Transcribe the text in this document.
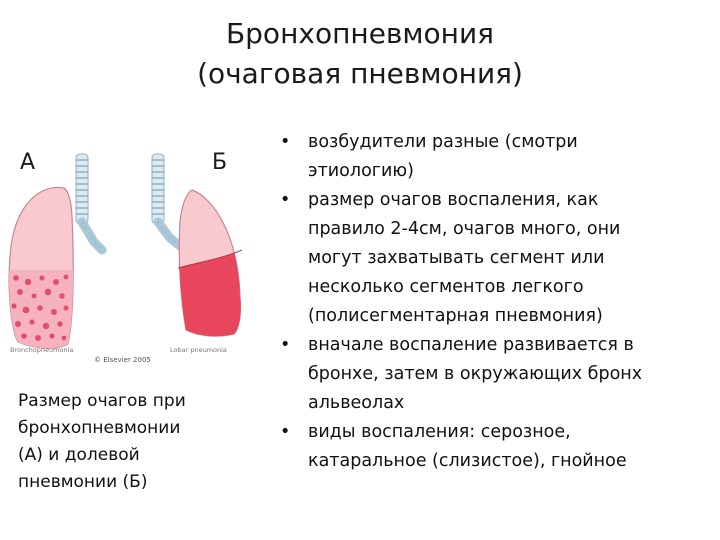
Бронхопневмония
(очаговая пневмония)
Bronchopneumonia	Lobar pneumonia
© Elsevier 2005
А	Б
Размер очагов при
бронхопневмонии
(А) и долевой
пневмонии (Б)
• возбудители разные (смотри
этиологию)
• размер очагов воспаления, как
правило 2-4см, очагов много, они
могут захватывать сегмент или
несколько сегментов легкого
(полисегментарная пневмония)
• вначале воспаление развивается в
бронхе, затем в окружающих бронх
альвеолах
• виды воспаления: серозное,
катаральное (слизистое), гнойное
